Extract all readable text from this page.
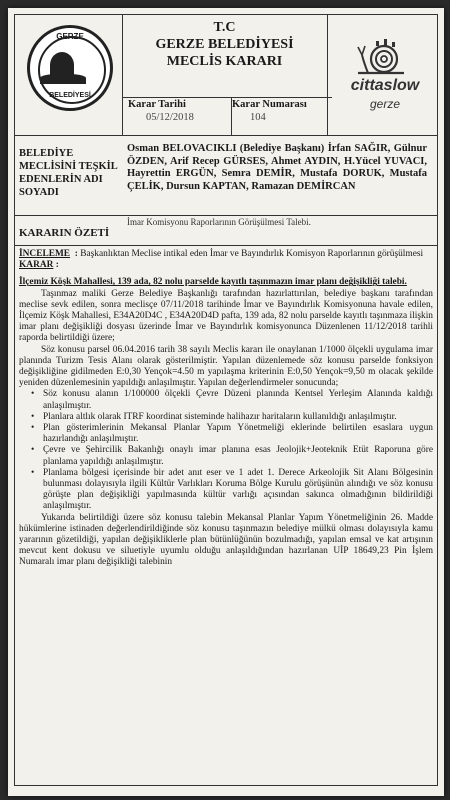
GERZE
BELEDİYESİ
T.C
GERZE BELEDİYESİ
MECLİS KARARI
Karar Tarihi
05/12/2018
Karar Numarası
104
cittaslow
gerze
BELEDİYE MECLİSİNİ TEŞKİL EDENLERİN ADI SOYADI
Osman BELOVACIKLI (Belediye Başkanı) İrfan SAĞIR, Gülnur ÖZDEN, Arif Recep GÜRSES, Ahmet AYDIN, H.Yücel YUVACI, Hayrettin ERGÜN, Semra DEMİR, Mustafa DORUK, Mustafa ÇELİK, Dursun KAPTAN, Ramazan DEMİRCAN
KARARIN ÖZETİ
İmar Komisyonu Raporlarının Görüşülmesi Talebi.

İNCELEME  : Başkanlıktan Meclise intikal eden İmar ve Bayındırlık Komisyon Raporlarının görüşülmesi

KARAR :

İlçemiz Köşk Mahallesi, 139 ada, 82 nolu parselde kayıtlı taşınmazın imar planı değişikliği talebi.

Taşınmaz maliki Gerze Belediye Başkanlığı tarafından hazırlattırılan, belediye başkanı tarafından meclise sevk edilen, sonra meclisçe 07/11/2018 tarihinde İmar ve Bayındırlık Komisyonuna havale edilen, İlçemiz Köşk Mahallesi, E34A20D4C , E34A20D4D pafta, 139 ada, 82 nolu parselde kayıtlı taşınmaza ilişkin imar planı değişikliği dosyası üzerinde İmar ve Bayındırlık komisyonunca Düzenlenen 11/12/2018 tarihli raporda belirtildiği üzere;

Söz konusu parsel 06.04.2016 tarih 38 sayılı Meclis kararı ile onaylanan 1/1000 ölçekli uygulama imar planında Turizm Tesis Alanı olarak gösterilmiştir. Yapılan düzenlemede söz konusu parselde fonksiyon değişikliğine gidilmeden E:0,30 Yençok=4.50 m yapılaşma kriterinin E:0,50 Yençok=9,50 m olacak şekilde yeniden düzenlemesinin yapıldığı anlaşılmıştır. Yapılan değerlendirmeler sonucunda;

• Söz konusu alanın 1/100000 ölçekli Çevre Düzeni planında Kentsel Yerleşim Alanında kaldığı anlaşılmıştır.
• Planlara altlık olarak ITRF koordinat sisteminde halihazır haritaların kullanıldığı anlaşılmıştır.
• Plan gösterimlerinin Mekansal Planlar Yapım Yönetmeliği eklerinde belirtilen esaslara uygun hazırlandığı anlaşılmıştır.
• Çevre ve Şehircilik Bakanlığı onaylı imar planına esas Jeolojik+Jeoteknik Etüt Raporuna göre planlama yapıldığı anlaşılmıştır.
• Planlama bölgesi içerisinde bir adet anıt eser ve 1 adet 1. Derece Arkeolojik Sit Alanı Bölgesinin bulunması dolayısıyla ilgili Kültür Varlıkları Koruma Bölge Kurulu görüşünün alındığı ve söz konusu görüşte plan değişikliği yapılmasında kültür varlığı açısından sakınca olmadığının bildirildiği anlaşılmıştır.

Yukarıda belirtildiği üzere söz konusu talebin Mekansal Planlar Yapım Yönetmeliğinin 26. Madde hükümlerine istinaden değerlendirildiğinde söz konusu taşınmazın belediye mülkü olması dolayısıyla kamu yararının gözetildiği, yapılan değişikliklerle plan bütünlüğünün bozulmadığı, yapılan emsal ve kat artışının mevcut kent dokusu ve siluetiyle uyumlu olduğu anlaşıldığından hazırlanan UİP 18649,23 Pin İşlem Numaralı imar planı değişikliği talebinin
